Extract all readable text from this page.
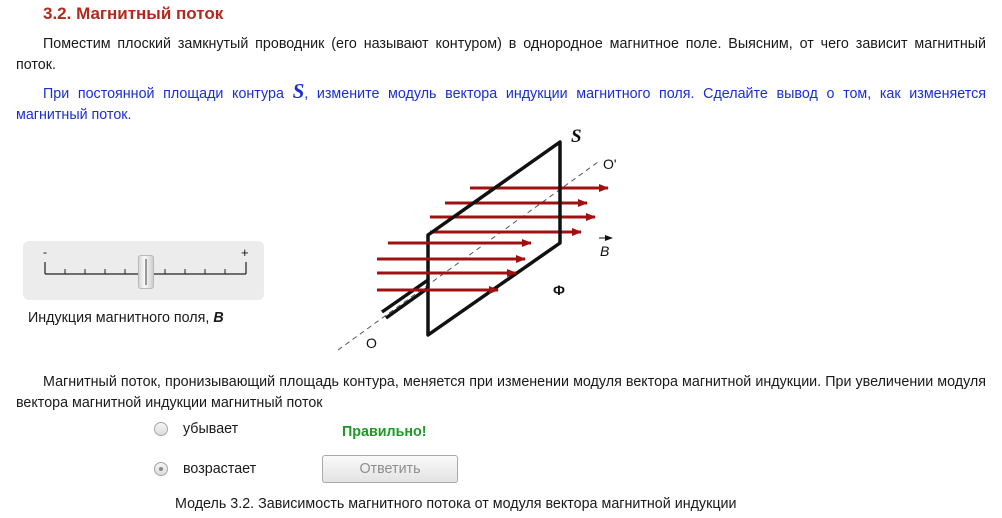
3.2. Магнитный поток
Поместим плоский замкнутый проводник (его называют контуром) в однородное магнитное поле. Выясним, от чего зависит магнитный поток.
При постоянной площади контура S, измените модуль вектора индукции магнитного поля. Сделайте вывод о том, как изменяется магнитный поток.
-	+
Индукция магнитного поля, B
S
O'
O
B
Ф
Магнитный поток, пронизывающий площадь контура, меняется при изменении модуля вектора магнитной индукции. При увеличении модуля вектора магнитной индукции магнитный поток
убывает
возрастает
Правильно!
Ответить
Модель 3.2. Зависимость магнитного потока от модуля вектора магнитной индукции
